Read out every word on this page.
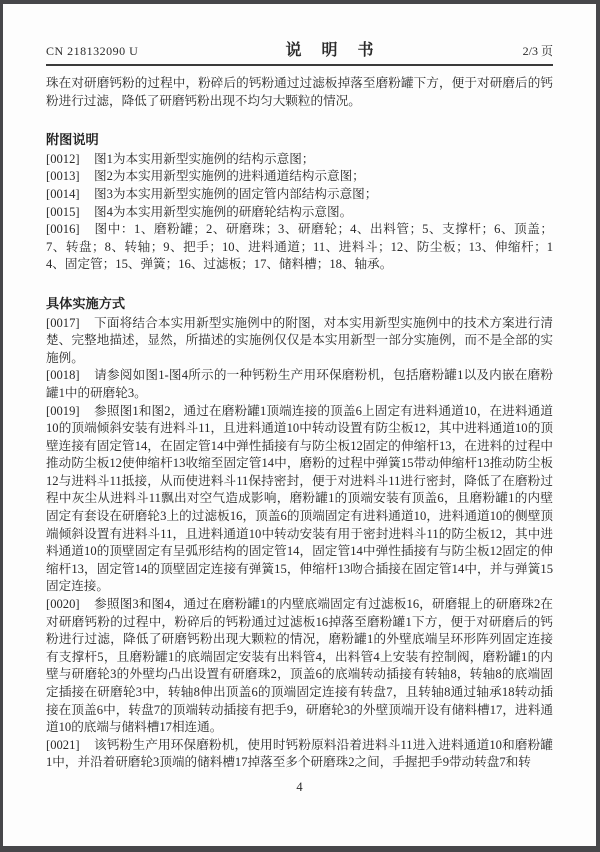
CN 218132090 U	说　明　书	2/3 页

珠在对研磨钙粉的过程中，粉碎后的钙粉通过过滤板掉落至磨粉罐下方，便于对研磨后的钙粉进行过滤，降低了研磨钙粉出现不均匀大颗粒的情况。

附图说明

[0012] 图1为本实用新型实施例的结构示意图；

[0013] 图2为本实用新型实施例的进料通道结构示意图；

[0014] 图3为本实用新型实施例的固定管内部结构示意图；

[0015] 图4为本实用新型实施例的研磨轮结构示意图。

[0016] 图中：1、磨粉罐；2、研磨珠；3、研磨轮；4、出料管；5、支撑杆；6、顶盖；7、转盘；8、转轴；9、把手；10、进料通道；11、进料斗；12、防尘板；13、伸缩杆；14、固定管；15、弹簧；16、过滤板；17、储料槽；18、轴承。

具体实施方式

[0017] 下面将结合本实用新型实施例中的附图，对本实用新型实施例中的技术方案进行清楚、完整地描述，显然，所描述的实施例仅仅是本实用新型一部分实施例，而不是全部的实施例。

[0018] 请参阅如图1-图4所示的一种钙粉生产用环保磨粉机，包括磨粉罐1以及内嵌在磨粉罐1中的研磨轮3。

[0019] 参照图1和图2，通过在磨粉罐1顶端连接的顶盖6上固定有进料通道10，在进料通道10的顶端倾斜安装有进料斗11，且进料通道10中转动设置有防尘板12，其中进料通道10的顶壁连接有固定管14，在固定管14中弹性插接有与防尘板12固定的伸缩杆13，在进料的过程中推动防尘板12使伸缩杆13收缩至固定管14中，磨粉的过程中弹簧15带动伸缩杆13推动防尘板12与进料斗11抵接，从而使进料斗11保持密封，便于对进料斗11进行密封，降低了在磨粉过程中灰尘从进料斗11飘出对空气造成影响，磨粉罐1的顶端安装有顶盖6，且磨粉罐1的内壁固定有套设在研磨轮3上的过滤板16，顶盖6的顶端固定有进料通道10，进料通道10的侧壁顶端倾斜设置有进料斗11，且进料通道10中转动安装有用于密封进料斗11的防尘板12，其中进料通道10的顶壁固定有呈弧形结构的固定管14，固定管14中弹性插接有与防尘板12固定的伸缩杆13，固定管14的顶壁固定连接有弹簧15，伸缩杆13吻合插接在固定管14中，并与弹簧15固定连接。

[0020] 参照图3和图4，通过在磨粉罐1的内壁底端固定有过滤板16，研磨辊上的研磨珠2在对研磨钙粉的过程中，粉碎后的钙粉通过过滤板16掉落至磨粉罐1下方，便于对研磨后的钙粉进行过滤，降低了研磨钙粉出现大颗粒的情况，磨粉罐1的外壁底端呈环形阵列固定连接有支撑杆5，且磨粉罐1的底端固定安装有出料管4，出料管4上安装有控制阀，磨粉罐1的内壁与研磨轮3的外壁均凸出设置有研磨珠2，顶盖6的底端转动插接有转轴8，转轴8的底端固定插接在研磨轮3中，转轴8伸出顶盖6的顶端固定连接有转盘7，且转轴8通过轴承18转动插接在顶盖6中，转盘7的顶端转动插接有把手9，研磨轮3的外壁顶端开设有储料槽17，进料通道10的底端与储料槽17相连通。

[0021] 该钙粉生产用环保磨粉机，使用时钙粉原料沿着进料斗11进入进料通道10和磨粉罐1中，并沿着研磨轮3顶端的储料槽17掉落至多个研磨珠2之间，手握把手9带动转盘7和转

4
